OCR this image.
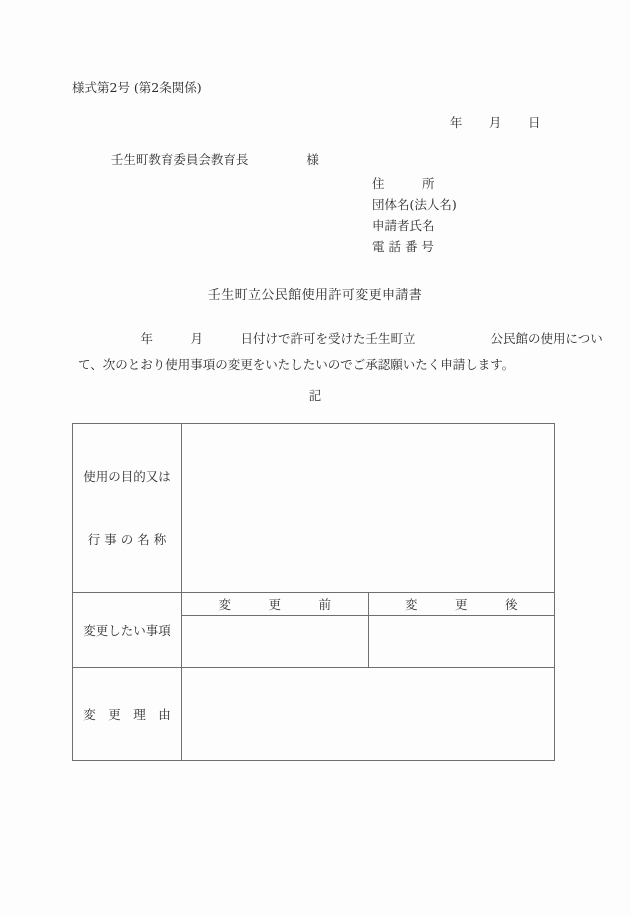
様式第2号 (第2条関係)

年 月 日

壬生町教育委員会教育長	様

住　　　所
団体名(法人名)
申請者氏名
電 話 番 号
壬生町立公民館使用許可変更申請書
　　　　　年　　　月　　　日付けで許可を受けた壬生町立　　　　　　公民館の使用につい
て、次のとおり使用事項の変更をいたしたいのでご承認願いたく申請します。
記

使用の目的又は

行 事 の 名 称		

変更したい事項	変　　　更　　　前	変　　　更　　　後

変　更　理　由		
